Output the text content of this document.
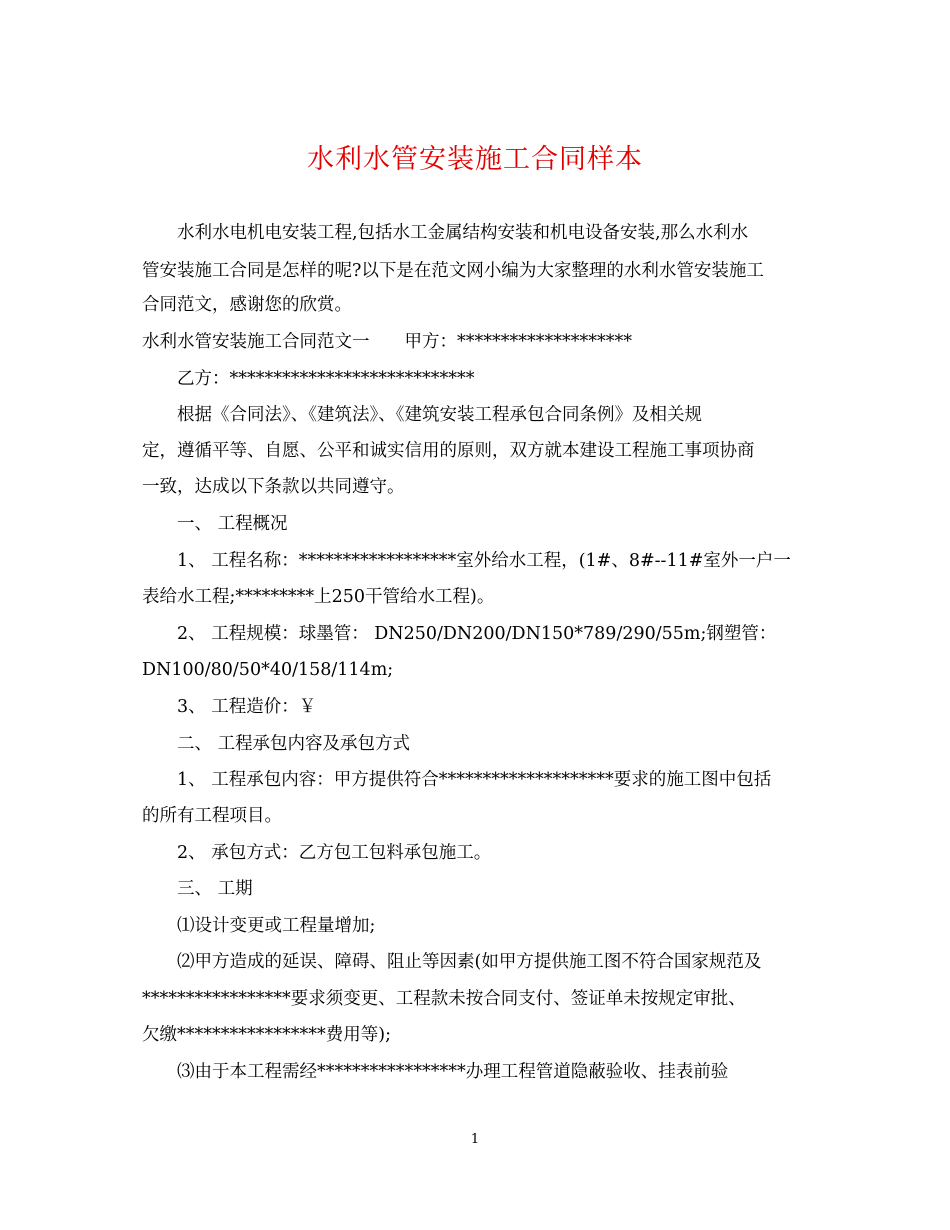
水利水管安装施工合同样本
水利水电机电安装工程,包括水工金属结构安装和机电设备安装,那么水利水
管安装施工合同是怎样的呢?以下是在范文网小编为大家整理的水利水管安装施工
合同范文，感谢您的欣赏。
水利水管安装施工合同范文一　　甲方：********************
乙方：****************************
根据《合同法》、《建筑法》、《建筑安装工程承包合同条例》及相关规
定，遵循平等、自愿、公平和诚实信用的原则，双方就本建设工程施工事项协商
一致，达成以下条款以共同遵守。
一、 工程概况
1、 工程名称：******************室外给水工程，(1#、8#--11#室外一户一
表给水工程;*********上250干管给水工程)。
2、 工程规模：球墨管： DN250/DN200/DN150*789/290/55m;钢塑管：
DN100/80/50*40/158/114m;
3、 工程造价：￥
二、 工程承包内容及承包方式
1、 工程承包内容：甲方提供符合********************要求的施工图中包括
的所有工程项目。
2、 承包方式：乙方包工包料承包施工。
三、 工期
⑴设计变更或工程量增加;
⑵甲方造成的延误、障碍、阻止等因素(如甲方提供施工图不符合国家规范及
*****************要求须变更、工程款未按合同支付、签证单未按规定审批、
欠缴*****************费用等);
⑶由于本工程需经*****************办理工程管道隐蔽验收、挂表前验
1
